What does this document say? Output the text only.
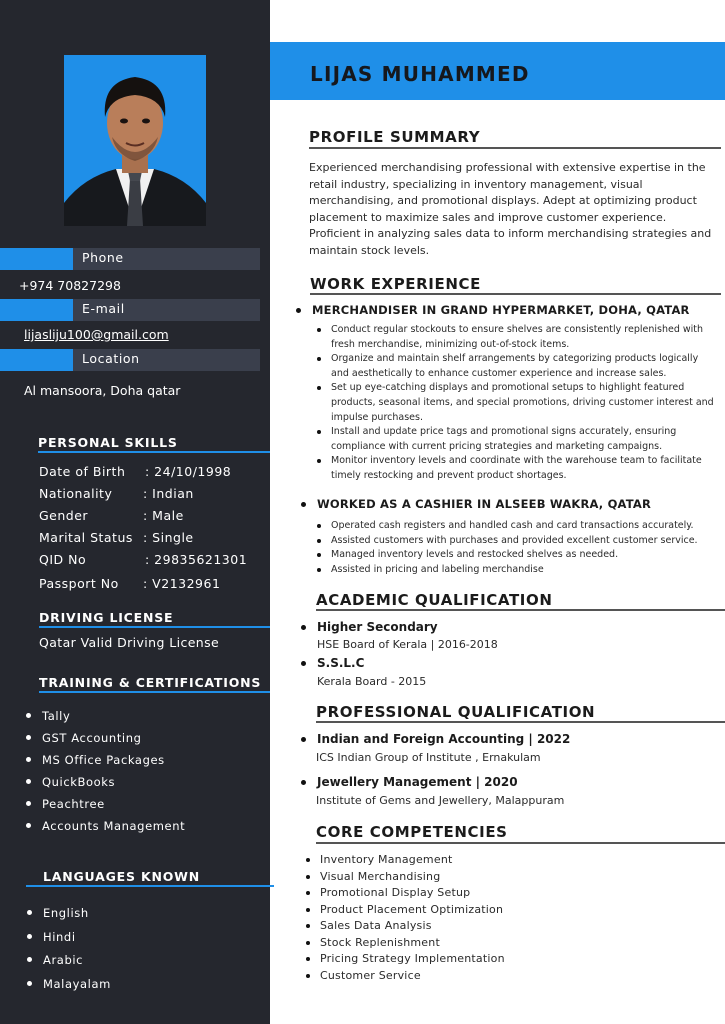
Phone
+974 70827298
E-mail
lijasliju100@gmail.com
Location
Al mansoora, Doha qatar
PERSONAL SKILLS
Date of Birth : 24/10/1998
Nationality : Indian
Gender	: Male
Marital Status : Single
QID No	: 29835621301
Passport No : V2132961
DRIVING LICENSE
Qatar Valid Driving License
TRAINING & CERTIFICATIONS
Tally
GST Accounting
MS Office Packages
QuickBooks
Peachtree
Accounts Management
LANGUAGES KNOWN
English
Hindi
Arabic
Malayalam
LIJAS MUHAMMED
PROFILE SUMMARY

Experienced merchandising professional with extensive expertise in the retail industry, specializing in inventory management, visual merchandising, and promotional displays. Adept at optimizing product placement to maximize sales and improve customer experience. Proficient in analyzing sales data to inform merchandising strategies and maintain stock levels.

WORK EXPERIENCE
MERCHANDISER IN GRAND HYPERMARKET, DOHA, QATAR
Conduct regular stockouts to ensure shelves are consistently replenished with fresh merchandise, minimizing out-of-stock items.
Organize and maintain shelf arrangements by categorizing products logically and aesthetically to enhance customer experience and increase sales.
Set up eye-catching displays and promotional setups to highlight featured products, seasonal items, and special promotions, driving customer interest and impulse purchases.
Install and update price tags and promotional signs accurately, ensuring compliance with current pricing strategies and marketing campaigns.
Monitor inventory levels and coordinate with the warehouse team to facilitate timely restocking and prevent product shortages.
WORKED AS A CASHIER IN ALSEEB WAKRA, QATAR
Operated cash registers and handled cash and card transactions accurately.
Assisted customers with purchases and provided excellent customer service.
Managed inventory levels and restocked shelves as needed.
Assisted in pricing and labeling merchandise
ACADEMIC QUALIFICATION
Higher Secondary
HSE Board of Kerala | 2016-2018
S.S.L.C
Kerala Board - 2015
PROFESSIONAL QUALIFICATION
Indian and Foreign Accounting | 2022
ICS Indian Group of Institute , Ernakulam
Jewellery Management | 2020
Institute of Gems and Jewellery, Malappuram
CORE COMPETENCIES
Inventory Management
Visual Merchandising
Promotional Display Setup
Product Placement Optimization
Sales Data Analysis
Stock Replenishment
Pricing Strategy Implementation
Customer Service
